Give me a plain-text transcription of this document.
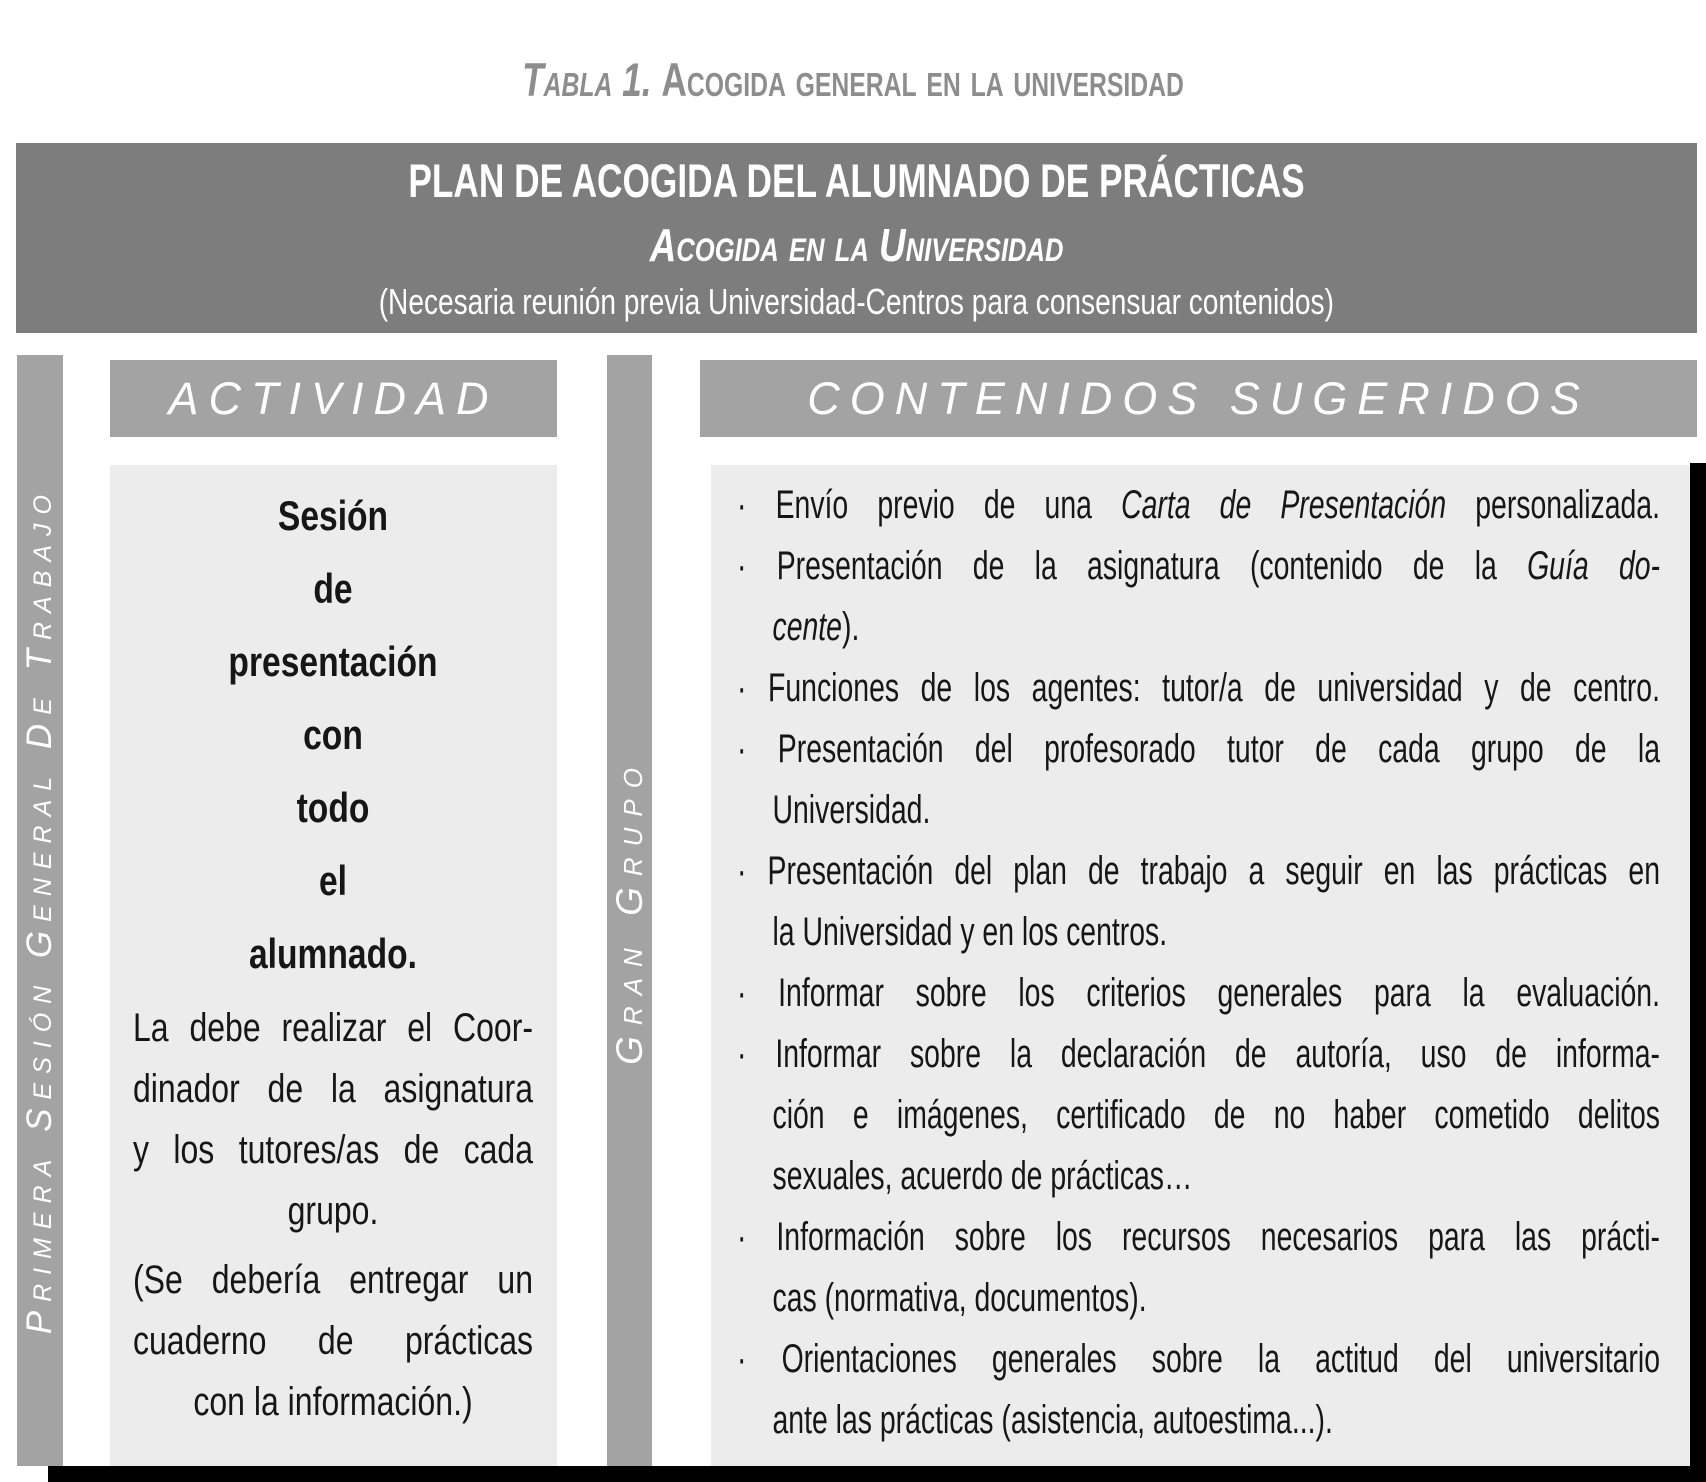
Tabla 1. Acogida general en la universidad
PLAN DE ACOGIDA DEL ALUMNADO DE PRÁCTICAS
Acogida en la Universidad
(Necesaria reunión previa Universidad-Centros para consensuar contenidos)
Primera Sesión General De Trabajo
ACTIVIDAD
Sesión
de
presentación
con
todo
el
alumnado.
La debe realizar el Coor-
dinador de la asignatura
y los tutores/as de cada
grupo.
(Se debería entregar un
cuaderno de prácticas
con la información.)
Gran Grupo
CONTENIDOS SUGERIDOS
· Envío previo de una Carta de Presentación personalizada.
· Presentación de la asignatura (contenido de la Guía do-
cente).
· Funciones de los agentes: tutor/a de universidad y de centro.
· Presentación del profesorado tutor de cada grupo de la
Universidad.
· Presentación del plan de trabajo a seguir en las prácticas en
la Universidad y en los centros.
· Informar sobre los criterios generales para la evaluación.
· Informar sobre la declaración de autoría, uso de informa-
ción e imágenes, certificado de no haber cometido delitos
sexuales, acuerdo de prácticas…
· Información sobre los recursos necesarios para las prácti-
cas (normativa, documentos).
· Orientaciones generales sobre la actitud del universitario
ante las prácticas (asistencia, autoestima...).
